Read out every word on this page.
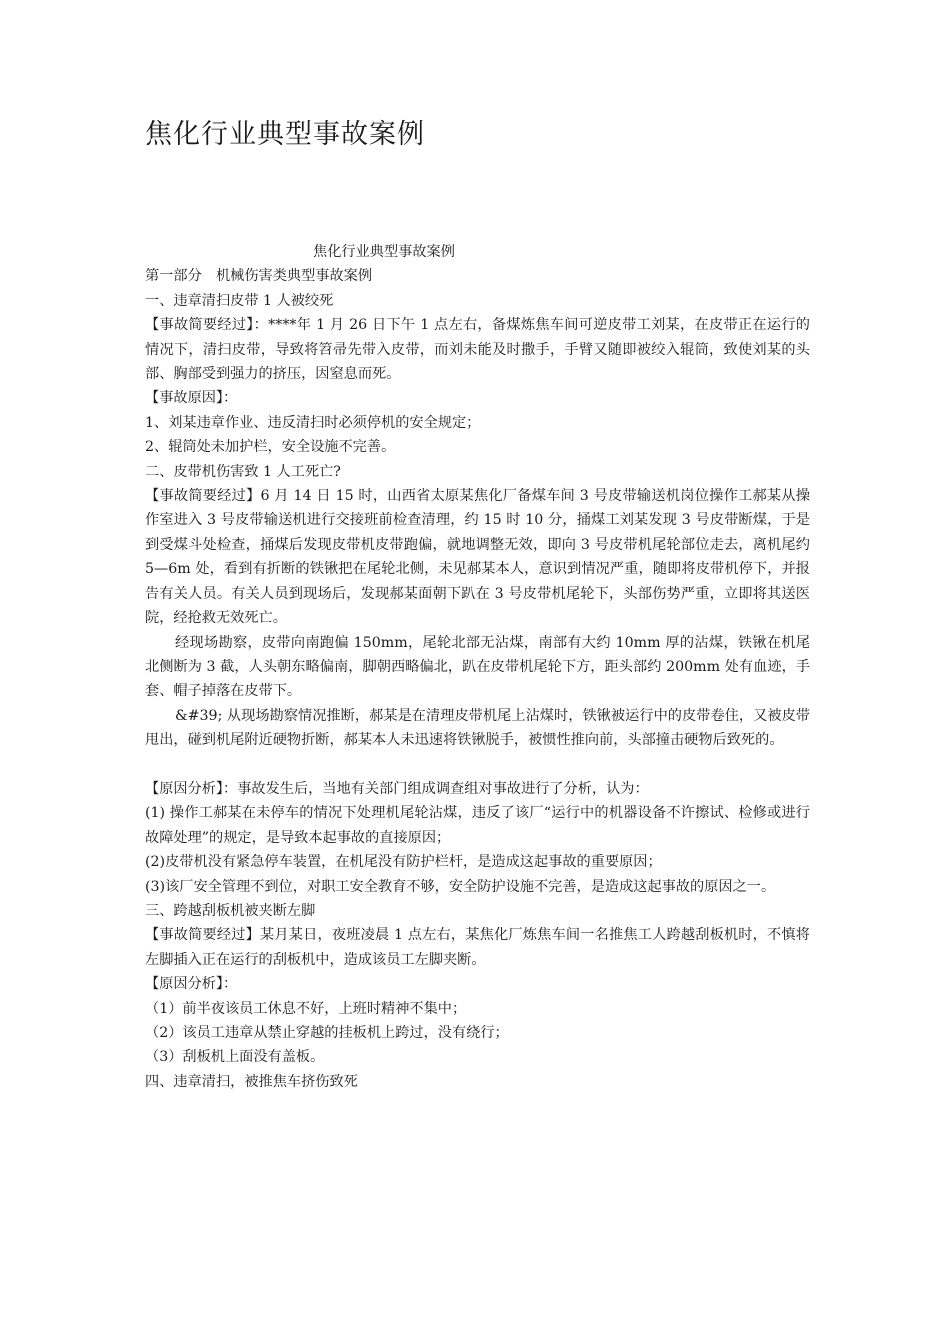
焦化行业典型事故案例

焦化行业典型事故案例

第一部分　机械伤害类典型事故案例

一、违章清扫皮带 1 人被绞死

【事故简要经过】：****年 1 月 26 日下午 1 点左右，备煤炼焦车间可逆皮带工刘某，在皮带正在运行的情况下，清扫皮带，导致将笤帚先带入皮带，而刘未能及时撒手，手臂又随即被绞入辊筒，致使刘某的头部、胸部受到强力的挤压，因窒息而死。

【事故原因】：

1、刘某违章作业、违反清扫时必须停机的安全规定；

2、辊筒处未加护栏，安全设施不完善。

二、皮带机伤害致 1 人工死亡?

【事故简要经过】6 月 14 日 15 时，山西省太原某焦化厂备煤车间 3 号皮带输送机岗位操作工郝某从操作室进入 3 号皮带输送机进行交接班前检查清理，约 15 时 10 分，捅煤工刘某发现 3 号皮带断煤，于是到受煤斗处检查，捅煤后发现皮带机皮带跑偏，就地调整无效，即向 3 号皮带机尾轮部位走去，离机尾约 5—6m 处，看到有折断的铁锹把在尾轮北侧，未见郝某本人，意识到情况严重，随即将皮带机停下，并报告有关人员。有关人员到现场后，发现郝某面朝下趴在 3 号皮带机尾轮下，头部伤势严重，立即将其送医院，经抢救无效死亡。

经现场勘察，皮带向南跑偏 150mm，尾轮北部无沾煤，南部有大约 10mm 厚的沾煤，铁锹在机尾北侧断为 3 截，人头朝东略偏南，脚朝西略偏北，趴在皮带机尾轮下方，距头部约 200mm 处有血迹，手套、帽子掉落在皮带下。

&#39; 从现场勘察情况推断，郝某是在清理皮带机尾上沾煤时，铁锹被运行中的皮带卷住，又被皮带甩出，碰到机尾附近硬物折断，郝某本人未迅速将铁锹脱手，被惯性推向前，头部撞击硬物后致死的。

【原因分析】：事故发生后，当地有关部门组成调查组对事故进行了分析，认为：

(1) 操作工郝某在未停车的情况下处理机尾轮沾煤，违反了该厂“运行中的机器设备不许擦试、检修或进行故障处理”的规定，是导致本起事故的直接原因；

(2)皮带机没有紧急停车装置，在机尾没有防护栏杆，是造成这起事故的重要原因；

(3)该厂安全管理不到位，对职工安全教育不够，安全防护设施不完善，是造成这起事故的原因之一。

三、跨越刮板机被夹断左脚

【事故简要经过】某月某日，夜班凌晨 1 点左右，某焦化厂炼焦车间一名推焦工人跨越刮板机时，不慎将左脚插入正在运行的刮板机中，造成该员工左脚夹断。

【原因分析】：

（1）前半夜该员工休息不好，上班时精神不集中；

（2）该员工违章从禁止穿越的挂板机上跨过，没有绕行；

（3）刮板机上面没有盖板。

四、违章清扫，被推焦车挤伤致死
